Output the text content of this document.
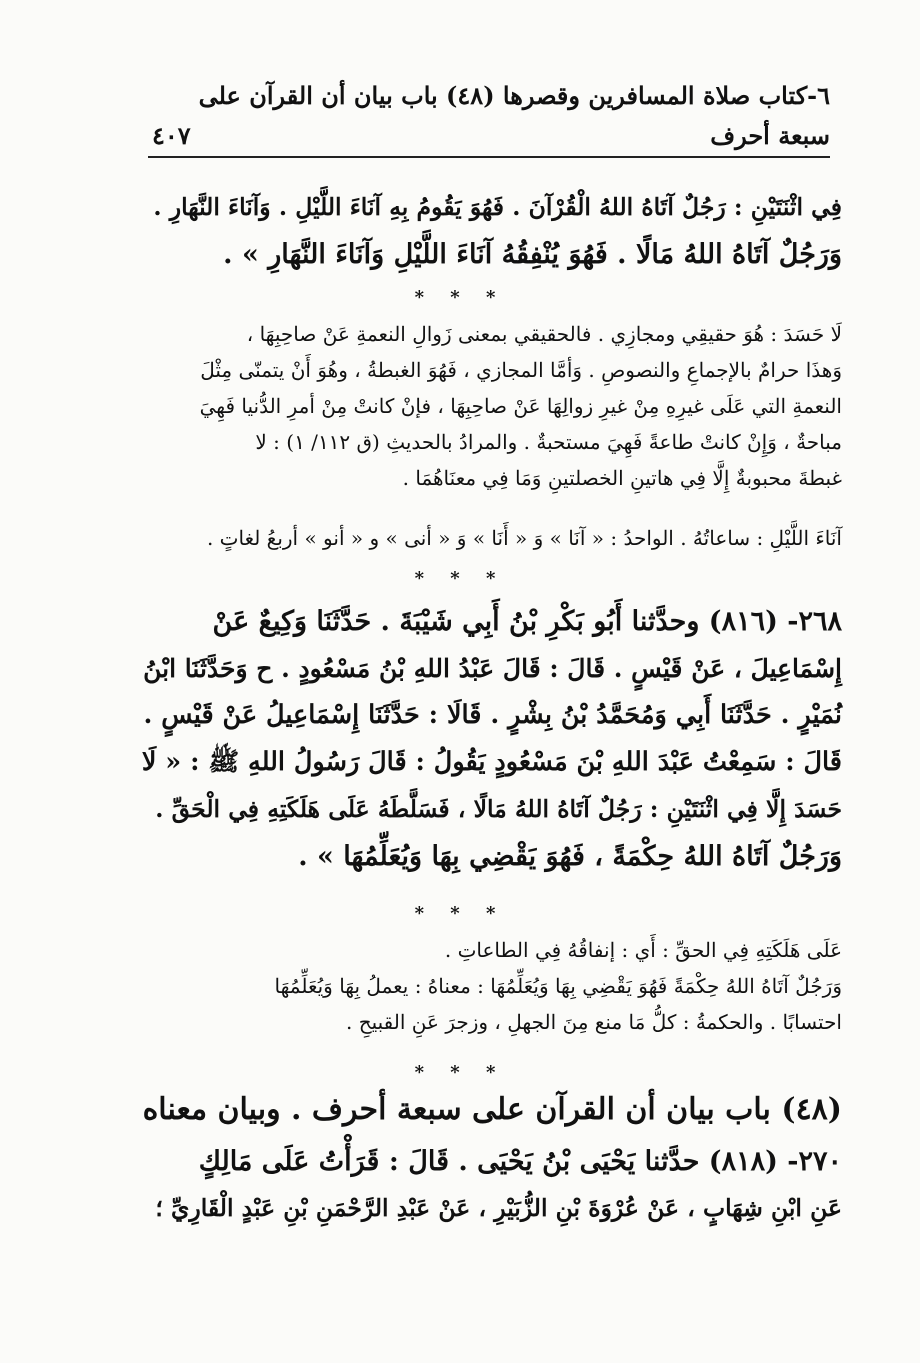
٦-كتاب صلاة المسافرين وقصرها (٤٨) باب بيان أن القرآن على سبعة أحرف
٤٠٧
فِي اثْنَتَيْنِ : رَجُلٌ آتَاهُ اللهُ الْقُرْآنَ . فَهُوَ يَقُومُ بِهِ آنَاءَ اللَّيْلِ . وَآنَاءَ النَّهَارِ .
وَرَجُلٌ آتَاهُ اللهُ مَالًا . فَهُوَ يُنْفِقُهُ آنَاءَ اللَّيْلِ وَآنَاءَ النَّهَارِ » .
* * *
لَا حَسَدَ : هُوَ حقيقِي ومجازِي . فالحقيقي بمعنى زَوالِ النعمةِ عَنْ صاحِبِهَا ،
وَهذَا حرامٌ بالإجماعِ والنصوصِ . وَأمَّا المجازي ، فَهُوَ الغبطةُ ، وهُوَ أَنْ يتمنّى مِثْلَ
النعمةِ التي عَلَى غيرِهِ مِنْ غيرِ زوالِهَا عَنْ صاحِبِهَا ، فإنْ كانتْ مِنْ أمرِ الدُّنيا فَهِيَ
مباحةٌ ، وَإِنْ كانتْ طاعةً فَهِيَ مستحبةٌ . والمرادُ بالحديثِ (ق ١١٢/ ١) : لا
غبطةَ محبوبةٌ إِلَّا فِي هاتينِ الخصلتينِ وَمَا فِي معنَاهُمَا .
آنَاءَ اللَّيْلِ : ساعاتُهُ . الواحدُ : « آنَا » وَ « أَنَا » وَ « أنى » و « أنو » أربعُ لغاتٍ .
* * *
٢٦٨- (٨١٦) وحدَّثنا أَبُو بَكْرِ بْنُ أَبِي شَيْبَةَ . حَدَّثَنَا وَكِيعٌ عَنْ
إِسْمَاعِيلَ ، عَنْ قَيْسٍ . قَالَ : قَالَ عَبْدُ اللهِ بْنُ مَسْعُودٍ . ح وَحَدَّثَنَا ابْنُ
نُمَيْرٍ . حَدَّثَنَا أَبِي وَمُحَمَّدُ بْنُ بِشْرٍ . قَالَا : حَدَّثَنَا إِسْمَاعِيلُ عَنْ قَيْسٍ .
قَالَ : سَمِعْتُ عَبْدَ اللهِ بْنَ مَسْعُودٍ يَقُولُ : قَالَ رَسُولُ اللهِ ﷺ : « لَا
حَسَدَ إِلَّا فِي اثْنَتَيْنِ : رَجُلٌ آتَاهُ اللهُ مَالًا ، فَسَلَّطَهُ عَلَى هَلَكَتِهِ فِي الْحَقِّ .
وَرَجُلٌ آتَاهُ اللهُ حِكْمَةً ، فَهُوَ يَقْضِي بِهَا وَيُعَلِّمُهَا » .
* * *
عَلَى هَلَكَتِهِ فِي الحقِّ : أَي : إنفاقُهُ فِي الطاعاتِ .
وَرَجُلٌ آتَاهُ اللهُ حِكْمَةً فَهُوَ يَقْضِي بِهَا وَيُعَلِّمُهَا : معناهُ : يعملُ بِهَا وَيُعَلِّمُهَا
احتسابًا . والحكمةُ : كلُّ مَا منع مِنَ الجهلِ ، وزجرَ عَنِ القبيحِ .
* * *
(٤٨) باب بيان أن القرآن على سبعة أحرف . وبيان معناه
٢٧٠- (٨١٨) حدَّثنا يَحْيَى بْنُ يَحْيَى . قَالَ : قَرَأْتُ عَلَى مَالِكٍ
عَنِ ابْنِ شِهَابٍ ، عَنْ عُرْوَةَ بْنِ الزُّبَيْرِ ، عَنْ عَبْدِ الرَّحْمَنِ بْنِ عَبْدٍ الْقَارِيِّ ؛
